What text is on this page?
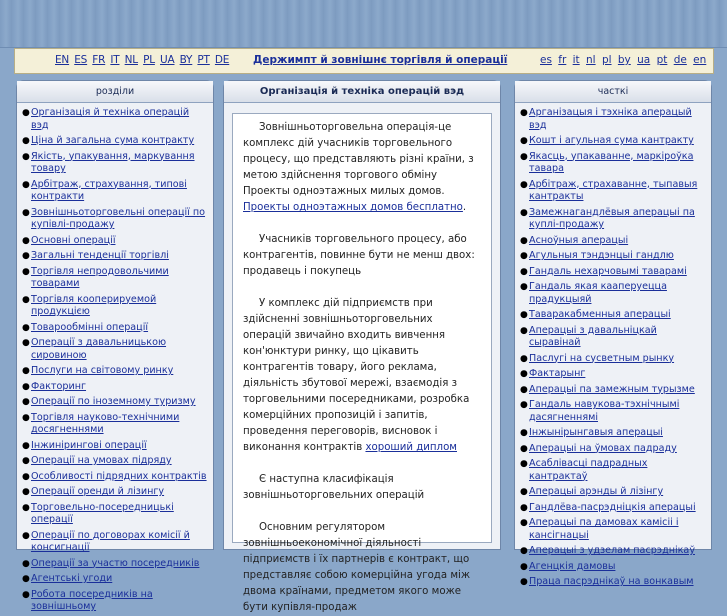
EN ES FR IT NL PL UA BY PT DE Держимпт й зовнішнє торгівля й операції	es fr it nl pl by ua pt de en
розділи
● Організація й техніка операцій вэд
● Ціна й загальна сума контракту
● Якість, упакування, маркування товару
● Арбітраж, страхування, типові контракти
● Зовнішньоторговельні операції по купівлі-продажу
● Основні операції
● Загальні тенденції торгівлі
● Торгівля непродовольчими товарами
● Торгівля кооперируемой продукцією
● Товарообмінні операції
● Операції з давальницькою сировиною
● Послуги на світовому ринку
● Факторинг
● Операції по іноземному туризму
● Торгівля науково-технічними досягненнями
● Інжинірингові операції
● Операції на умовах підряду
● Особливості підрядних контрактів
● Операції оренди й лізингу
● Торговельно-посередницькі операції
● Операції по договорах комісії й консигнації
● Операції за участю посередників
● Агентські угоди
● Робота посередників на зовнішньому
Організація й техніка операцій вэд

Зовнішньоторговельна операція-це комплекс дій учасників торговельного процесу, що представляють різні країни, з метою здійснення торгового обміну Проекты одноэтажных милых домов. Проекты одноэтажных домов бесплатно.

Учасників торговельного процесу, або контрагентів, повинне бути не менш двох: продавець і покупець

У комплекс дій підприємств при здійсненні зовнішньоторговельних операцій звичайно входить вивчення кон'юнктури ринку, що цікавить контрагентів товару, його реклама, діяльність збутової мережі, взаємодія з торговельними посередниками, розробка комерційних пропозицій і запитів, проведення переговорів, висновок і виконання контрактів хороший диплом

Є наступна класифікація зовнішньоторговельних операцій

Основним регулятором зовнішньоекономічної діяльності підприємств і їх партнерів є контракт, що представляє собою комерційна угода між двома країнами, предметом якого може бути купівля-продаж

часткі
● Арганізацыя і тэхніка аперацый вэд
● Кошт і агульная сума кантракту
● Якасць, упакаванне, маркіроўка тавара
● Арбітраж, страхаванне, тыпавыя кантракты
● Замежнагандлёвыя аперацыі па куплі-продажу
● Асноўныя аперацыі
● Агульныя тэндэнцыі гандлю
● Гандаль нехарчовымі таварамі
● Гандаль якая кааперуецца прадукцыяй
● Таваракабменныя аперацыі
● Аперацыі з давальніцкай сыравінай
● Паслугі на сусветным рынку
● Фактарынг
● Аперацыі па замежным турызме
● Гандаль навукова-тэхнічнымі дасягненнямі
● Інжынірынгавыя аперацыі
● Аперацыі на ўмовах падраду
● Асаблівасці падрадных кантрактаў
● Аперацыі арэнды й лізінгу
● Гандлёва-пасрэдніцкія аперацыі
● Аперацыі па дамовах камісіі і кансігнацыі
● Аперацыі з удзелам пасрэднікаў
● Агенцкія дамовы
● Праца пасрэднікаў на вонкавым
